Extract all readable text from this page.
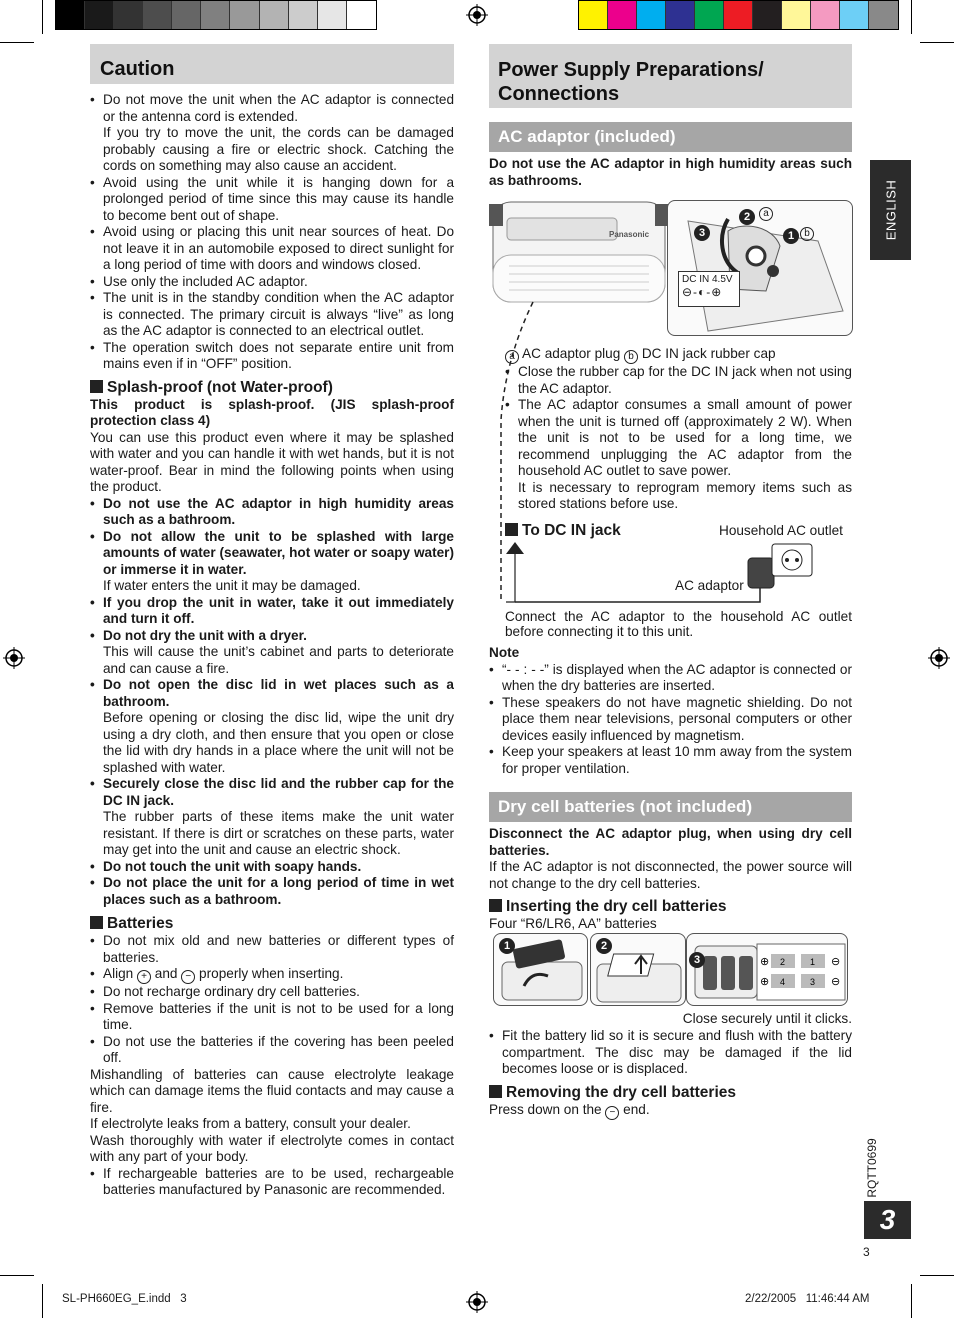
Caution

• Do not move the unit when the AC adaptor is connected or the antenna cord is extended.

If you try to move the unit, the cords can be damaged probably causing a fire or electric shock. Catching the cords on something may also cause an accident.

• Avoid using the unit while it is hanging down for a prolonged period of time since this may cause its handle to become bent out of shape.

• Avoid using or placing this unit near sources of heat. Do not leave it in an automobile exposed to direct sunlight for a long period of time with doors and windows closed.

• Use only the included AC adaptor.

• The unit is in the standby condition when the AC adaptor is connected. The primary circuit is always “live” as long as the AC adaptor is connected to an electrical outlet.

• The operation switch does not separate entire unit from mains even if in “OFF” position.

Splash-proof (not Water-proof)

This product is splash-proof. (JIS splash-proof protection class 4)

You can use this product even where it may be splashed with water and you can handle it with wet hands, but it is not water-proof. Bear in mind the following points when using the product.

• Do not use the AC adaptor in high humidity areas such as a bathroom.

• Do not allow the unit to be splashed with large amounts of water (seawater, hot water or soapy water) or immerse it in water.

If water enters the unit it may be damaged.

• If you drop the unit in water, take it out immediately and turn it off.

• Do not dry the unit with a dryer.

This will cause the unit’s cabinet and parts to deteriorate and can cause a fire.

• Do not open the disc lid in wet places such as a bathroom.

Before opening or closing the disc lid, wipe the unit dry using a dry cloth, and then ensure that you open or close the lid with dry hands in a place where the unit will not be splashed with water.

• Securely close the disc lid and the rubber cap for the DC IN jack.

The rubber parts of these items make the unit water resistant. If there is dirt or scratches on these parts, water may get into the unit and cause an electric shock.

• Do not touch the unit with soapy hands.

• Do not place the unit for a long period of time in wet places such as a bathroom.

Batteries

• Do not mix old and new batteries or different types of batteries.

• Align + and − properly when inserting.

• Do not recharge ordinary dry cell batteries.

• Remove batteries if the unit is not to be used for a long time.

• Do not use the batteries if the covering has been peeled off.

Mishandling of batteries can cause electrolyte leakage which can damage items the fluid contacts and may cause a fire.

If electrolyte leaks from a battery, consult your dealer.

Wash thoroughly with water if electrolyte comes in contact with any part of your body.

• If rechargeable batteries are to be used, rechargeable batteries manufactured by Panasonic are recommended.

Power Supply Preparations/
Connections
AC adaptor (included)
Do not use the AC adaptor in high humidity areas such as bathrooms.
Panasonic
2
3	1
a
b
DC IN 4.5V
⊖-◐-⊕

a AC adaptor plug b DC IN jack rubber cap

• Close the rubber cap for the DC IN jack when not using the AC adaptor.

• The AC adaptor consumes a small amount of power when the unit is turned off (approximately 2 W). When the unit is not to be used for a long time, we recommend unplugging the AC adaptor from the household AC outlet to save power.

It is necessary to reprogram memory items such as stored stations before use.

To DC IN jack	Household AC outlet
AC adaptor
Connect the AC adaptor to the household AC outlet before connecting it to this unit.

Note

• “- - : - -” is displayed when the AC adaptor is connected or when the dry batteries are inserted.

• These speakers do not have magnetic shielding. Do not place them near televisions, personal computers or other devices easily influenced by magnetism.

• Keep your speakers at least 10 mm away from the system for proper ventilation.

Dry cell batteries (not included)

Disconnect the AC adaptor plug, when using dry cell batteries.

If the AC adaptor is not disconnected, the power source will not change to the dry cell batteries.

Inserting the dry cell batteries

Four “R6/LR6, AA” batteries

1	2
2	1
4	3
⊕	⊖
⊕	⊖
3
Close securely until it clicks.

• Fit the battery lid so it is secure and flush with the battery compartment. The disc may be damaged if the lid becomes loose or is displaced.

Removing the dry cell batteries

Press down on the − end.

ENGLISH
RQTT0699
3
3
SL-PH660EG_E.indd   3	2/22/2005   11:46:44 AM
